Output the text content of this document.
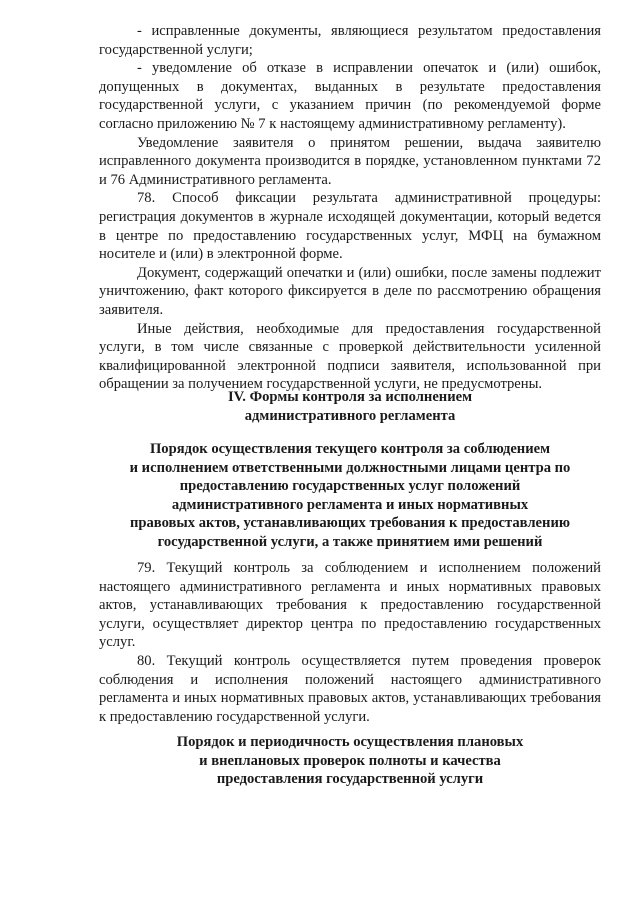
- исправленные документы, являющиеся результатом предоставления государственной услуги;

- уведомление об отказе в исправлении опечаток и (или) ошибок, допущенных в документах, выданных в результате предоставления государственной услуги, с указанием причин (по рекомендуемой форме согласно приложению № 7 к настоящему административному регламенту).

Уведомление заявителя о принятом решении, выдача заявителю исправленного документа производится в порядке, установленном пунктами 72 и 76 Административного регламента.

78. Способ фиксации результата административной процедуры: регистрация документов в журнале исходящей документации, который ведется в центре по предоставлению государственных услуг, МФЦ на бумажном носителе и (или) в электронной форме.

Документ, содержащий опечатки и (или) ошибки, после замены подлежит уничтожению, факт которого фиксируется в деле по рассмотрению обращения заявителя.

Иные действия, необходимые для предоставления государственной услуги, в том числе связанные с проверкой действительности усиленной квалифицированной электронной подписи заявителя, использованной при обращении за получением государственной услуги, не предусмотрены.

IV. Формы контроля за исполнением
административного регламента
Порядок осуществления текущего контроля за соблюдением
и исполнением ответственными должностными лицами центра по
предоставлению государственных услуг положений
административного регламента и иных нормативных
правовых актов, устанавливающих требования к предоставлению
государственной услуги, а также принятием ими решений

79. Текущий контроль за соблюдением и исполнением положений настоящего административного регламента и иных нормативных правовых актов, устанавливающих требования к предоставлению государственной услуги, осуществляет директор центра по предоставлению государственных услуг.

80. Текущий контроль осуществляется путем проведения проверок соблюдения и исполнения положений настоящего административного регламента и иных нормативных правовых актов, устанавливающих требования к предоставлению государственной услуги.

Порядок и периодичность осуществления плановых
и внеплановых проверок полноты и качества
предоставления государственной услуги
